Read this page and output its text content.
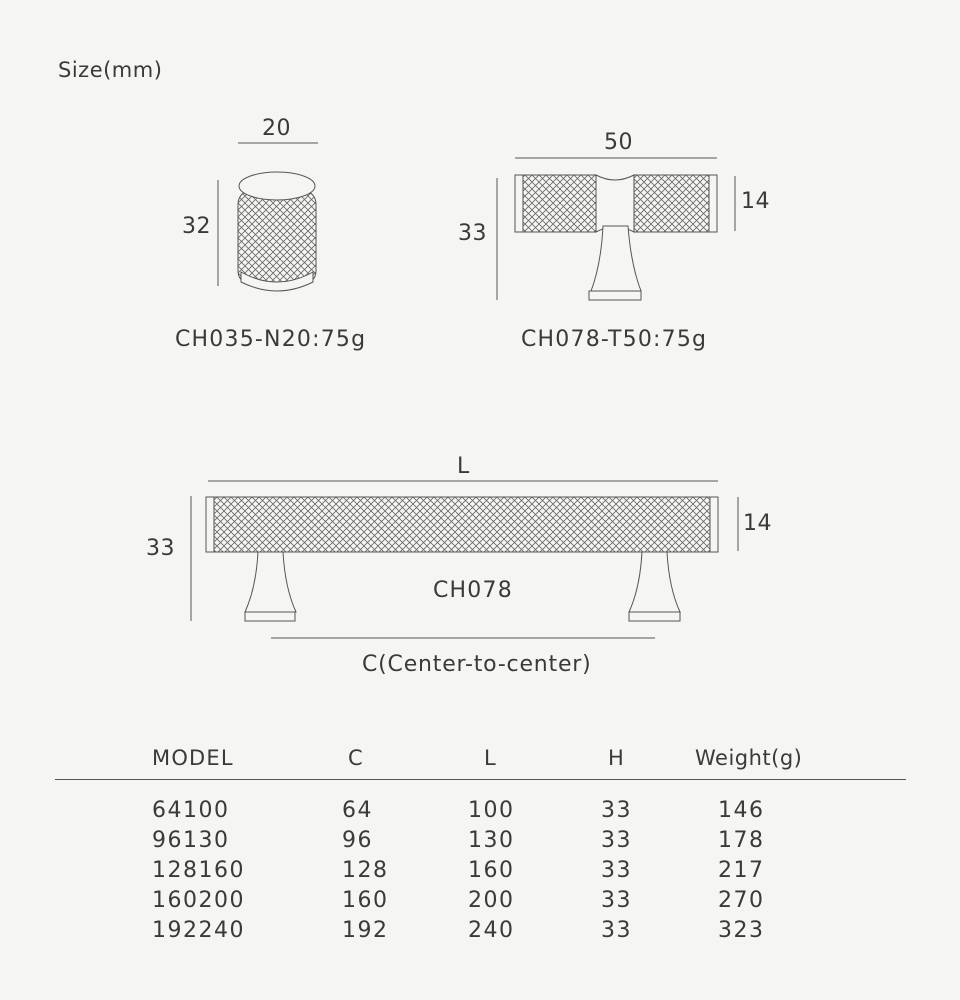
Size(mm)
20
32
CH035-N20:75g
50
33
14
CH078-T50:75g
L
33
14
CH078
C(Center-to-center)
MODEL	C	L	H	Weight(g)
64100	64	100	33	146
96130	96	130	33	178
128160	128	160	33	217
160200	160	200	33	270
192240	192	240	33	323
